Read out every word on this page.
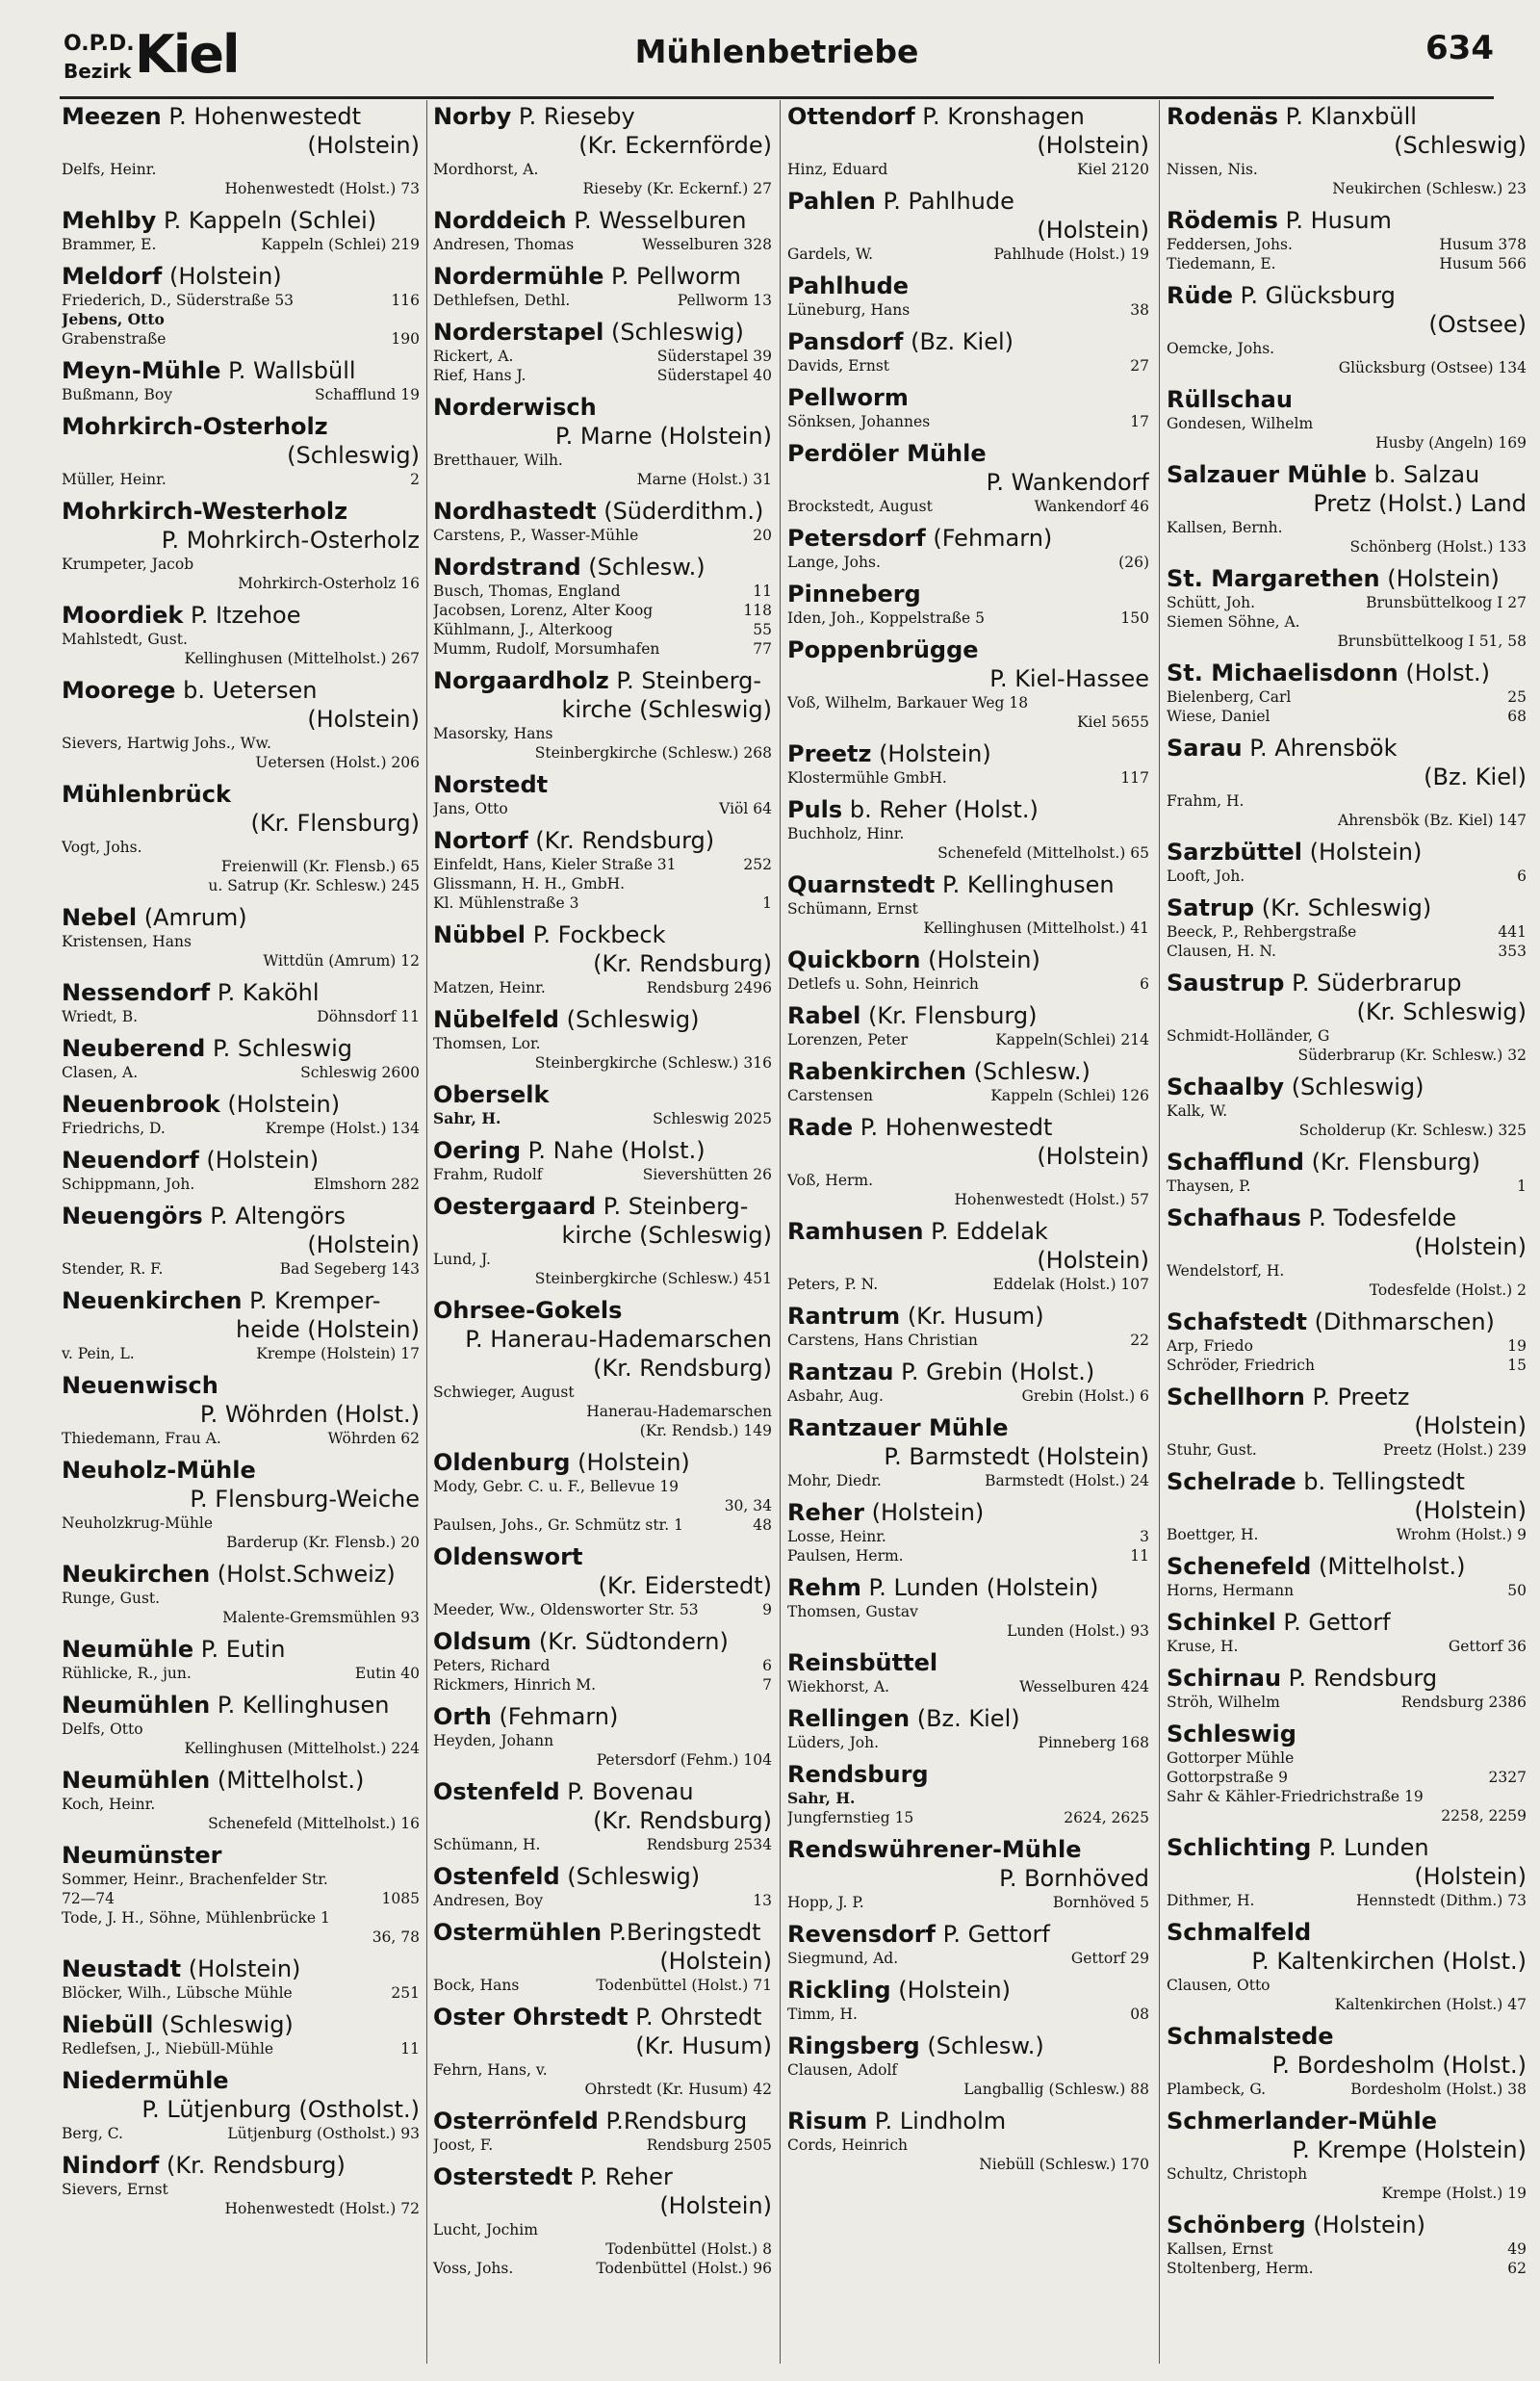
O.P.D.
Bezirk Kiel	Mühlenbetriebe	634
Meezen P. Hohenwestedt
(Holstein)
Delfs, Heinr.
Hohenwestedt (Holst.) 73
Mehlby P. Kappeln (Schlei)
Brammer, E.	Kappeln (Schlei) 219
Meldorf (Holstein)
Friederich, D., Süderstraße 53	116
Jebens, Otto
Grabenstraße	190
Meyn-Mühle P. Wallsbüll
Bußmann, Boy	Schafflund 19
Mohrkirch-Osterholz
(Schleswig)
Müller, Heinr.	2
Mohrkirch-Westerholz
P. Mohrkirch-Osterholz
Krumpeter, Jacob
Mohrkirch-Osterholz 16
Moordiek P. Itzehoe
Mahlstedt, Gust.
Kellinghusen (Mittelholst.) 267
Moorege b. Uetersen
(Holstein)
Sievers, Hartwig Johs., Ww.
Uetersen (Holst.) 206
Mühlenbrück
(Kr. Flensburg)
Vogt, Johs.
Freienwill (Kr. Flensb.) 65
u. Satrup (Kr. Schlesw.) 245
Nebel (Amrum)
Kristensen, Hans
Wittdün (Amrum) 12
Nessendorf P. Kaköhl
Wriedt, B.	Döhnsdorf 11
Neuberend P. Schleswig
Clasen, A.	Schleswig 2600
Neuenbrook (Holstein)
Friedrichs, D.	Krempe (Holst.) 134
Neuendorf (Holstein)
Schippmann, Joh.	Elmshorn 282
Neuengörs P. Altengörs
(Holstein)
Stender, R. F.	Bad Segeberg 143
Neuenkirchen P. Kremper-
heide (Holstein)
v. Pein, L.	Krempe (Holstein) 17
Neuenwisch
P. Wöhrden (Holst.)
Thiedemann, Frau A.	Wöhrden 62
Neuholz-Mühle
P. Flensburg-Weiche
Neuholzkrug-Mühle
Barderup (Kr. Flensb.) 20
Neukirchen (Holst.Schweiz)
Runge, Gust.
Malente-Gremsmühlen 93
Neumühle P. Eutin
Rühlicke, R., jun.	Eutin 40
Neumühlen P. Kellinghusen
Delfs, Otto
Kellinghusen (Mittelholst.) 224
Neumühlen (Mittelholst.)
Koch, Heinr.
Schenefeld (Mittelholst.) 16
Neumünster
Sommer, Heinr., Brachenfelder Str.
72—74	1085
Tode, J. H., Söhne, Mühlenbrücke 1
36, 78
Neustadt (Holstein)
Blöcker, Wilh., Lübsche Mühle	251
Niebüll (Schleswig)
Redlefsen, J., Niebüll-Mühle	11
Niedermühle
P. Lütjenburg (Ostholst.)
Berg, C.	Lütjenburg (Ostholst.) 93
Nindorf (Kr. Rendsburg)
Sievers, Ernst
Hohenwestedt (Holst.) 72
Norby P. Rieseby
(Kr. Eckernförde)
Mordhorst, A.
Rieseby (Kr. Eckernf.) 27
Norddeich P. Wesselburen
Andresen, Thomas	Wesselburen 328
Nordermühle P. Pellworm
Dethlefsen, Dethl.	Pellworm 13
Norderstapel (Schleswig)
Rickert, A.	Süderstapel 39
Rief, Hans J.	Süderstapel 40
Norderwisch
P. Marne (Holstein)
Bretthauer, Wilh.
Marne (Holst.) 31
Nordhastedt (Süderdithm.)
Carstens, P., Wasser-Mühle	20
Nordstrand (Schlesw.)
Busch, Thomas, England	11
Jacobsen, Lorenz, Alter Koog	118
Kühlmann, J., Alterkoog	55
Mumm, Rudolf, Morsumhafen	77
Norgaardholz P. Steinberg-
kirche (Schleswig)
Masorsky, Hans
Steinbergkirche (Schlesw.) 268
Norstedt
Jans, Otto	Viöl 64
Nortorf (Kr. Rendsburg)
Einfeldt, Hans, Kieler Straße 31	252
Glissmann, H. H., GmbH.
Kl. Mühlenstraße 3	1
Nübbel P. Fockbeck
(Kr. Rendsburg)
Matzen, Heinr.	Rendsburg 2496
Nübelfeld (Schleswig)
Thomsen, Lor.
Steinbergkirche (Schlesw.) 316
Oberselk
Sahr, H.	Schleswig 2025
Oering P. Nahe (Holst.)
Frahm, Rudolf	Sievershütten 26
Oestergaard P. Steinberg-
kirche (Schleswig)
Lund, J.
Steinbergkirche (Schlesw.) 451
Ohrsee-Gokels
P. Hanerau-Hademarschen
(Kr. Rendsburg)
Schwieger, August
Hanerau-Hademarschen
(Kr. Rendsb.) 149
Oldenburg (Holstein)
Mody, Gebr. C. u. F., Bellevue 19
30, 34
Paulsen, Johs., Gr. Schmütz str. 1	48
Oldenswort
(Kr. Eiderstedt)
Meeder, Ww., Oldensworter Str. 53	9
Oldsum (Kr. Südtondern)
Peters, Richard	6
Rickmers, Hinrich M.	7
Orth (Fehmarn)
Heyden, Johann
Petersdorf (Fehm.) 104
Ostenfeld P. Bovenau
(Kr. Rendsburg)
Schümann, H.	Rendsburg 2534
Ostenfeld (Schleswig)
Andresen, Boy	13
Ostermühlen P.Beringstedt
(Holstein)
Bock, Hans	Todenbüttel (Holst.) 71
Oster Ohrstedt P. Ohrstedt
(Kr. Husum)
Fehrn, Hans, v.
Ohrstedt (Kr. Husum) 42
Osterrönfeld P.Rendsburg
Joost, F.	Rendsburg 2505
Osterstedt P. Reher
(Holstein)
Lucht, Jochim
Todenbüttel (Holst.) 8
Voss, Johs.	Todenbüttel (Holst.) 96
Ottendorf P. Kronshagen
(Holstein)
Hinz, Eduard	Kiel 2120
Pahlen P. Pahlhude
(Holstein)
Gardels, W.	Pahlhude (Holst.) 19
Pahlhude
Lüneburg, Hans	38
Pansdorf (Bz. Kiel)
Davids, Ernst	27
Pellworm
Sönksen, Johannes	17
Perdöler Mühle
P. Wankendorf
Brockstedt, August	Wankendorf 46
Petersdorf (Fehmarn)
Lange, Johs.	(26)
Pinneberg
Iden, Joh., Koppelstraße 5	150
Poppenbrügge
P. Kiel-Hassee
Voß, Wilhelm, Barkauer Weg 18
Kiel 5655
Preetz (Holstein)
Klostermühle GmbH.	117
Puls b. Reher (Holst.)
Buchholz, Hinr.
Schenefeld (Mittelholst.) 65
Quarnstedt P. Kellinghusen
Schümann, Ernst
Kellinghusen (Mittelholst.) 41
Quickborn (Holstein)
Detlefs u. Sohn, Heinrich	6
Rabel (Kr. Flensburg)
Lorenzen, Peter	Kappeln(Schlei) 214
Rabenkirchen (Schlesw.)
Carstensen	Kappeln (Schlei) 126
Rade P. Hohenwestedt
(Holstein)
Voß, Herm.
Hohenwestedt (Holst.) 57
Ramhusen P. Eddelak
(Holstein)
Peters, P. N.	Eddelak (Holst.) 107
Rantrum (Kr. Husum)
Carstens, Hans Christian	22
Rantzau P. Grebin (Holst.)
Asbahr, Aug.	Grebin (Holst.) 6
Rantzauer Mühle
P. Barmstedt (Holstein)
Mohr, Diedr.	Barmstedt (Holst.) 24
Reher (Holstein)
Losse, Heinr.	3
Paulsen, Herm.	11
Rehm P. Lunden (Holstein)
Thomsen, Gustav
Lunden (Holst.) 93
Reinsbüttel
Wiekhorst, A.	Wesselburen 424
Rellingen (Bz. Kiel)
Lüders, Joh.	Pinneberg 168
Rendsburg
Sahr, H.
Jungfernstieg 15	2624, 2625
Rendswührener-Mühle
P. Bornhöved
Hopp, J. P.	Bornhöved 5
Revensdorf P. Gettorf
Siegmund, Ad.	Gettorf 29
Rickling (Holstein)
Timm, H.	08
Ringsberg (Schlesw.)
Clausen, Adolf
Langballig (Schlesw.) 88
Risum P. Lindholm
Cords, Heinrich
Niebüll (Schlesw.) 170
Rodenäs P. Klanxbüll
(Schleswig)
Nissen, Nis.
Neukirchen (Schlesw.) 23
Rödemis P. Husum
Feddersen, Johs.	Husum 378
Tiedemann, E.	Husum 566
Rüde P. Glücksburg
(Ostsee)
Oemcke, Johs.
Glücksburg (Ostsee) 134
Rüllschau
Gondesen, Wilhelm
Husby (Angeln) 169
Salzauer Mühle b. Salzau
Pretz (Holst.) Land
Kallsen, Bernh.
Schönberg (Holst.) 133
St. Margarethen (Holstein)
Schütt, Joh.	Brunsbüttelkoog I 27
Siemen Söhne, A.
Brunsbüttelkoog I 51, 58
St. Michaelisdonn (Holst.)
Bielenberg, Carl	25
Wiese, Daniel	68
Sarau P. Ahrensbök
(Bz. Kiel)
Frahm, H.
Ahrensbök (Bz. Kiel) 147
Sarzbüttel (Holstein)
Looft, Joh.	6
Satrup (Kr. Schleswig)
Beeck, P., Rehbergstraße	441
Clausen, H. N.	353
Saustrup P. Süderbrarup
(Kr. Schleswig)
Schmidt-Holländer, G
Süderbrarup (Kr. Schlesw.) 32
Schaalby (Schleswig)
Kalk, W.
Scholderup (Kr. Schlesw.) 325
Schafflund (Kr. Flensburg)
Thaysen, P.	1
Schafhaus P. Todesfelde
(Holstein)
Wendelstorf, H.
Todesfelde (Holst.) 2
Schafstedt (Dithmarschen)
Arp, Friedo	19
Schröder, Friedrich	15
Schellhorn P. Preetz
(Holstein)
Stuhr, Gust.	Preetz (Holst.) 239
Schelrade b. Tellingstedt
(Holstein)
Boettger, H.	Wrohm (Holst.) 9
Schenefeld (Mittelholst.)
Horns, Hermann	50
Schinkel P. Gettorf
Kruse, H.	Gettorf 36
Schirnau P. Rendsburg
Ströh, Wilhelm	Rendsburg 2386
Schleswig
Gottorper Mühle
Gottorpstraße 9	2327
Sahr & Kähler-Friedrichstraße 19
2258, 2259
Schlichting P. Lunden
(Holstein)
Dithmer, H.	Hennstedt (Dithm.) 73
Schmalfeld
P. Kaltenkirchen (Holst.)
Clausen, Otto
Kaltenkirchen (Holst.) 47
Schmalstede
P. Bordesholm (Holst.)
Plambeck, G.	Bordesholm (Holst.) 38
Schmerlander-Mühle
P. Krempe (Holstein)
Schultz, Christoph
Krempe (Holst.) 19
Schönberg (Holstein)
Kallsen, Ernst	49
Stoltenberg, Herm.	62
